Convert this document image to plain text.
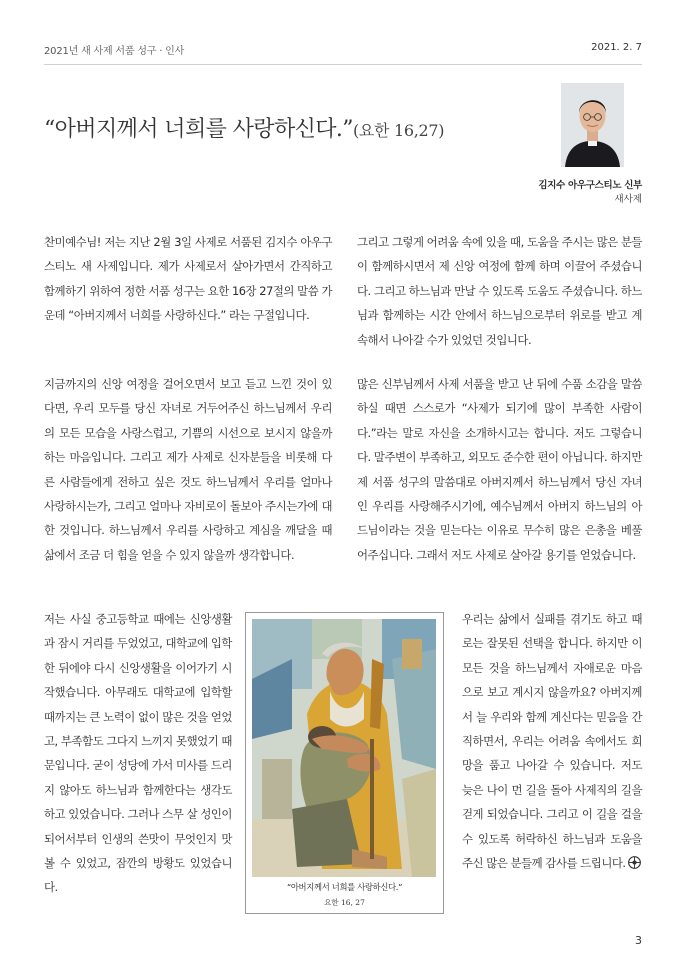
2021년 새 사제 서품 성구 · 인사	2021. 2. 7
“아버지께서 너희를 사랑하신다.”(요한 16,27)
김지수 아우구스티노 신부
새사제

찬미예수님! 저는 지난 2월 3일 사제로 서품된 김지수 아우구스티노 새 사제입니다. 제가 사제로서 살아가면서 간직하고 함께하기 위하여 정한 서품 성구는 요한 16장 27절의 말씀 가운데 “아버지께서 너희를 사랑하신다.” 라는 구절입니다.

지금까지의 신앙 여정을 걸어오면서 보고 듣고 느낀 것이 있다면, 우리 모두를 당신 자녀로 거두어주신 하느님께서 우리의 모든 모습을 사랑스럽고, 기쁨의 시선으로 보시지 않을까 하는 마음입니다. 그리고 제가 사제로 신자분들을 비롯해 다른 사람들에게 전하고 싶은 것도 하느님께서 우리를 얼마나 사랑하시는가, 그리고 얼마나 자비로이 돌보아 주시는가에 대한 것입니다. 하느님께서 우리를 사랑하고 계심을 깨달을 때 삶에서 조금 더 힘을 얻을 수 있지 않을까 생각합니다.

그리고 그렇게 어려움 속에 있을 때, 도움을 주시는 많은 분들이 함께하시면서 제 신앙 여정에 함께 하며 이끌어 주셨습니다. 그리고 하느님과 만날 수 있도록 도움도 주셨습니다. 하느님과 함께하는 시간 안에서 하느님으로부터 위로를 받고 계속해서 나아갈 수가 있었던 것입니다.

많은 신부님께서 사제 서품을 받고 난 뒤에 수품 소감을 말씀하실 때면 스스로가 “사제가 되기에 많이 부족한 사람이다.”라는 말로 자신을 소개하시고는 합니다. 저도 그렇습니다. 말주변이 부족하고, 외모도 준수한 편이 아닙니다. 하지만 제 서품 성구의 말씀대로 아버지께서 하느님께서 당신 자녀인 우리를 사랑해주시기에, 예수님께서 아버지 하느님의 아드님이라는 것을 믿는다는 이유로 무수히 많은 은총을 베풀어주십니다. 그래서 저도 사제로 살아갈 용기를 얻었습니다.

저는 사실 중고등학교 때에는 신앙생활과 잠시 거리를 두었었고, 대학교에 입학한 뒤에야 다시 신앙생활을 이어가기 시작했습니다. 아무래도 대학교에 입학할 때까지는 큰 노력이 없이 많은 것을 얻었고, 부족함도 그다지 느끼지 못했었기 때문입니다. 굳이 성당에 가서 미사를 드리지 않아도 하느님과 함께한다는 생각도 하고 있었습니다. 그러나 스무 살 성인이 되어서부터 인생의 쓴맛이 무엇인지 맛볼 수 있었고, 잠깐의 방황도 있었습니다.

우리는 삶에서 실패를 겪기도 하고 때로는 잘못된 선택을 합니다. 하지만 이 모든 것을 하느님께서 자애로운 마음으로 보고 계시지 않을까요? 아버지께서 늘 우리와 함께 계신다는 믿음을 간직하면서, 우리는 어려움 속에서도 희망을 품고 나아갈 수 있습니다. 저도 늦은 나이 먼 길을 돌아 사제직의 길을 걷게 되었습니다. 그리고 이 길을 걸을 수 있도록 허락하신 하느님과 도움을 주신 많은 분들께 감사를 드립니다.

“아버지께서 너희를 사랑하신다.”
요한 16, 27
3
